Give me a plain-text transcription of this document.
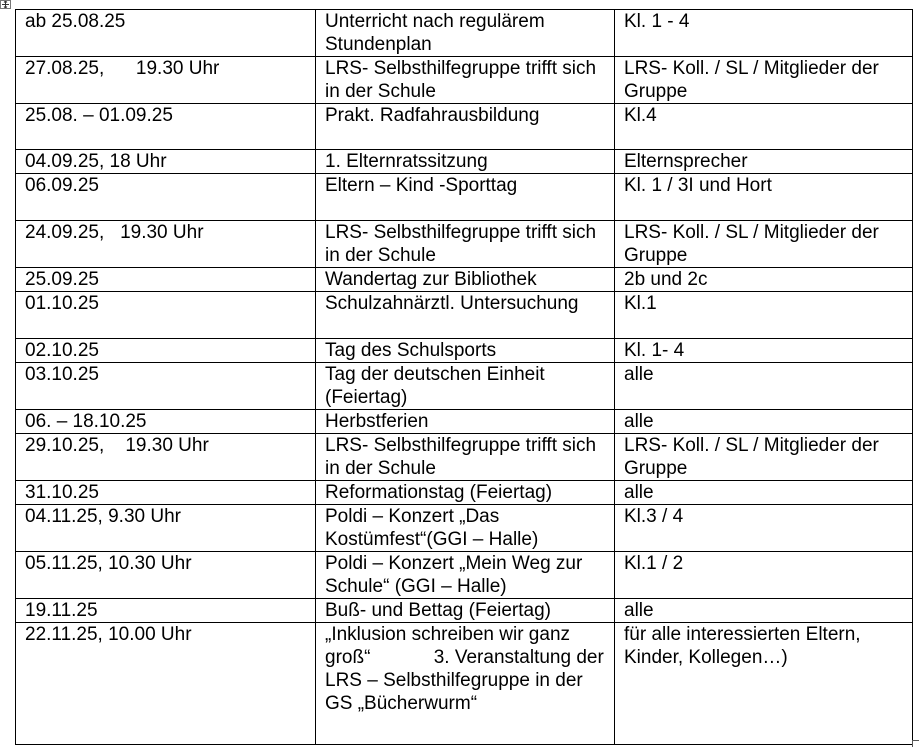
ab 25.08.25	Unterricht nach regulärem Stundenplan	Kl. 1 - 4

27.08.25,      19.30 Uhr	LRS- Selbsthilfegruppe trifft sich in der Schule	LRS- Koll. / SL / Mitglieder der Gruppe

25.08. – 01.09.25	Prakt. Radfahrausbildung	Kl.4

04.09.25, 18 Uhr	1. Elternratssitzung	Elternsprecher

06.09.25	Eltern – Kind -Sporttag	Kl. 1 / 3I und Hort

24.09.25,   19.30 Uhr	LRS- Selbsthilfegruppe trifft sich in der Schule	LRS- Koll. / SL / Mitglieder der Gruppe

25.09.25	Wandertag zur Bibliothek	2b und 2c

01.10.25	Schulzahnärztl. Untersuchung	Kl.1

02.10.25	Tag des Schulsports	Kl. 1- 4

03.10.25	Tag der deutschen Einheit (Feiertag)	alle

06. – 18.10.25	Herbstferien	alle

29.10.25,    19.30 Uhr	LRS- Selbsthilfegruppe trifft sich in der Schule	LRS- Koll. / SL / Mitglieder der Gruppe

31.10.25	Reformationstag (Feiertag)	alle

04.11.25, 9.30 Uhr	Poldi – Konzert „Das Kostümfest“(GGI – Halle)	Kl.3 / 4

05.11.25, 10.30 Uhr	Poldi – Konzert „Mein Weg zur Schule“ (GGI – Halle)	Kl.1 / 2

19.11.25	Buß- und Bettag (Feiertag)	alle

22.11.25, 10.00 Uhr	„Inklusion schreiben wir ganz groß“            3. Veranstaltung der LRS – Selbsthilfegruppe in der GS „Bücherwurm“	für alle interessierten Eltern, Kinder, Kollegen…)
